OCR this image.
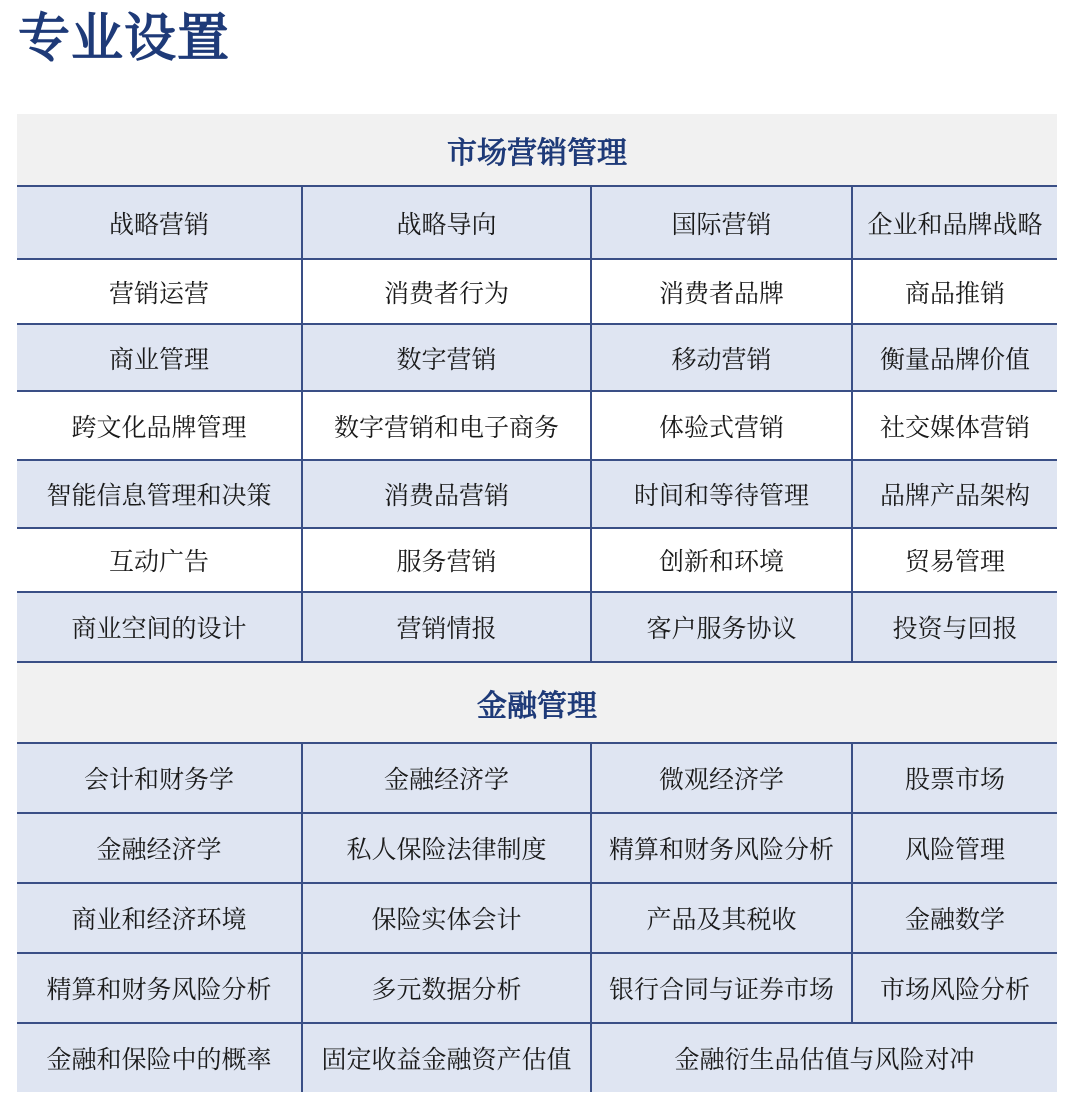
专业设置
市场营销管理
战略营销	战略导向	国际营销	企业和品牌战略
营销运营	消费者行为	消费者品牌	商品推销
商业管理	数字营销	移动营销	衡量品牌价值
跨文化品牌管理	数字营销和电子商务	体验式营销	社交媒体营销
智能信息管理和决策	消费品营销	时间和等待管理	品牌产品架构
互动广告	服务营销	创新和环境	贸易管理
商业空间的设计	营销情报	客户服务协议	投资与回报
金融管理
会计和财务学	金融经济学	微观经济学	股票市场
金融经济学	私人保险法律制度	精算和财务风险分析	风险管理
商业和经济环境	保险实体会计	产品及其税收	金融数学
精算和财务风险分析	多元数据分析	银行合同与证券市场	市场风险分析
金融和保险中的概率	固定收益金融资产估值	金融衍生品估值与风险对冲
